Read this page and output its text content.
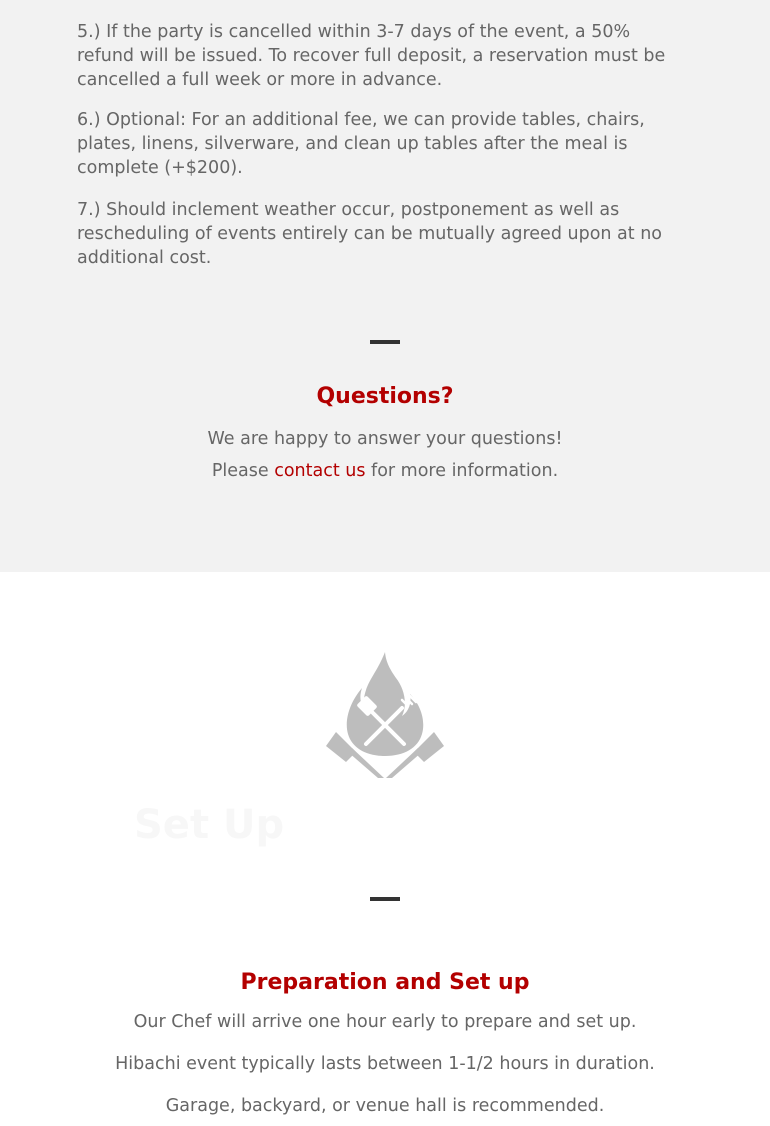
5.) If the party is cancelled within 3-7 days of the event, a 50% refund will be issued. To recover full deposit, a reservation must be cancelled a full week or more in advance.

6.) Optional: For an additional fee, we can provide tables, chairs, plates, linens, silverware, and clean up tables after the meal is complete (+$200).

7.) Should inclement weather occur, postponement as well as rescheduling of events entirely can be mutually agreed upon at no additional cost.

Questions?

We are happy to answer your questions!

Please contact us for more information.

Set Up
Preparation and Set up

Our Chef will arrive one hour early to prepare and set up.

Hibachi event typically lasts between 1-1/2 hours in duration.

Garage, backyard, or venue hall is recommended.
